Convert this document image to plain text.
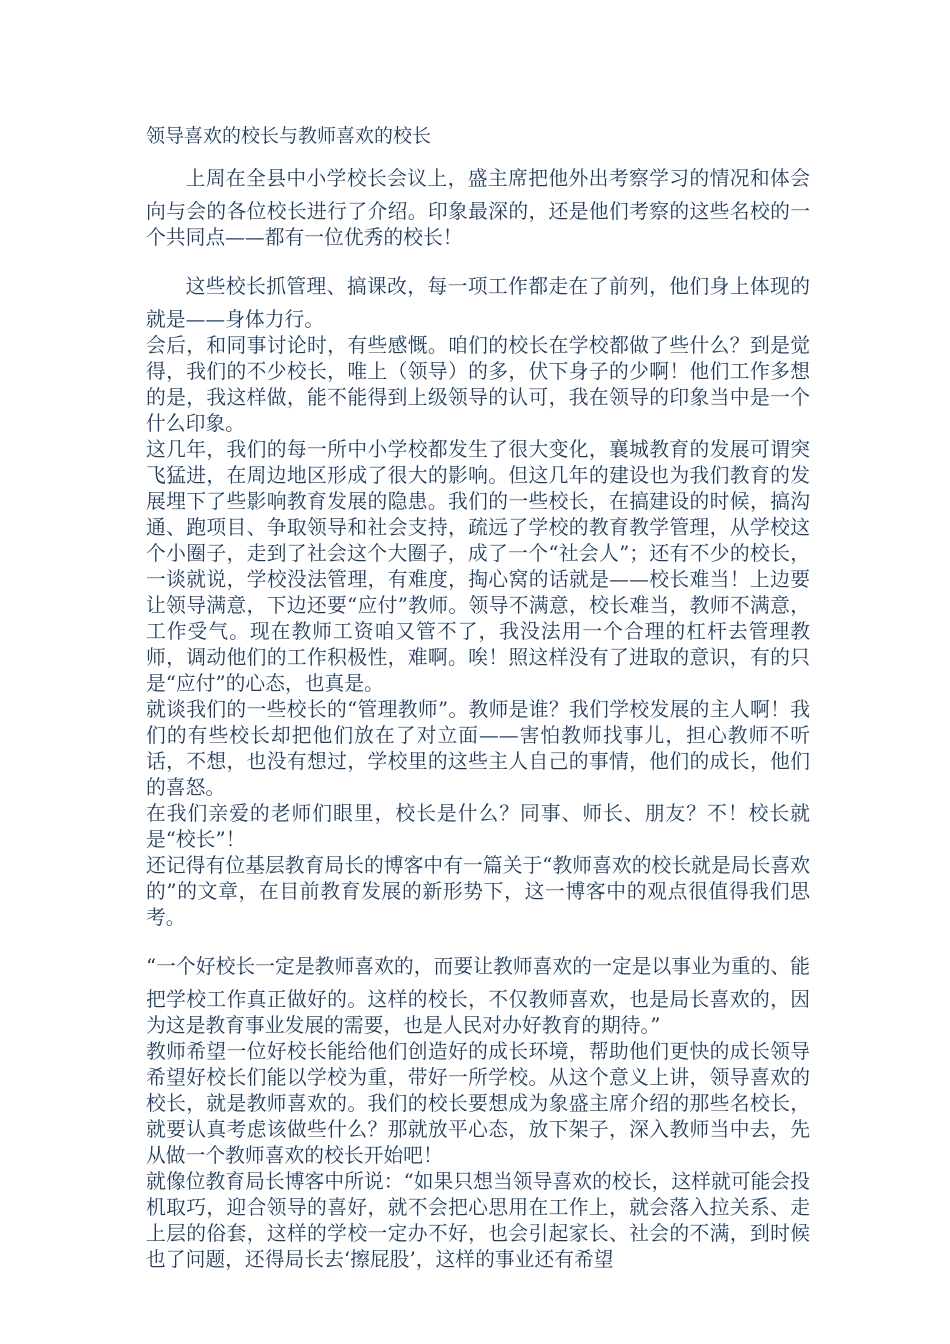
领导喜欢的校长与教师喜欢的校长

上周在全县中小学校长会议上，盛主席把他外出考察学习的情况和体会向与会的各位校长进行了介绍。印象最深的，还是他们考察的这些名校的一个共同点——都有一位优秀的校长！

这些校长抓管理、搞课改，每一项工作都走在了前列，他们身上体现的就是——身体力行。

会后，和同事讨论时，有些感慨。咱们的校长在学校都做了些什么？到是觉得，我们的不少校长，唯上（领导）的多，伏下身子的少啊！他们工作多想的是，我这样做，能不能得到上级领导的认可，我在领导的印象当中是一个什么印象。

这几年，我们的每一所中小学校都发生了很大变化，襄城教育的发展可谓突飞猛进，在周边地区形成了很大的影响。但这几年的建设也为我们教育的发展埋下了些影响教育发展的隐患。我们的一些校长，在搞建设的时候，搞沟通、跑项目、争取领导和社会支持，疏远了学校的教育教学管理，从学校这个小圈子，走到了社会这个大圈子，成了一个“社会人”；还有不少的校长，一谈就说，学校没法管理，有难度，掏心窝的话就是——校长难当！上边要让领导满意，下边还要“应付”教师。领导不满意，校长难当，教师不满意，工作受气。现在教师工资咱又管不了，我没法用一个合理的杠杆去管理教师，调动他们的工作积极性，难啊。唉！照这样没有了进取的意识，有的只是“应付”的心态，也真是。

就谈我们的一些校长的“管理教师”。教师是谁？我们学校发展的主人啊！我们的有些校长却把他们放在了对立面——害怕教师找事儿，担心教师不听话，不想，也没有想过，学校里的这些主人自己的事情，他们的成长，他们的喜怒。

在我们亲爱的老师们眼里，校长是什么？同事、师长、朋友？不！校长就是“校长”！

还记得有位基层教育局长的博客中有一篇关于“教师喜欢的校长就是局长喜欢的”的文章，在目前教育发展的新形势下，这一博客中的观点很值得我们思考。

“一个好校长一定是教师喜欢的，而要让教师喜欢的一定是以事业为重的、能把学校工作真正做好的。这样的校长，不仅教师喜欢，也是局长喜欢的，因为这是教育事业发展的需要，也是人民对办好教育的期待。”

教师希望一位好校长能给他们创造好的成长环境，帮助他们更快的成长领导希望好校长们能以学校为重，带好一所学校。从这个意义上讲，领导喜欢的校长，就是教师喜欢的。我们的校长要想成为象盛主席介绍的那些名校长，就要认真考虑该做些什么？那就放平心态，放下架子，深入教师当中去，先从做一个教师喜欢的校长开始吧！

就像位教育局长博客中所说：“如果只想当领导喜欢的校长，这样就可能会投机取巧，迎合领导的喜好，就不会把心思用在工作上，就会落入拉关系、走上层的俗套，这样的学校一定办不好，也会引起家长、社会的不满，到时候也了问题，还得局长去‘擦屁股’，这样的事业还有希望
